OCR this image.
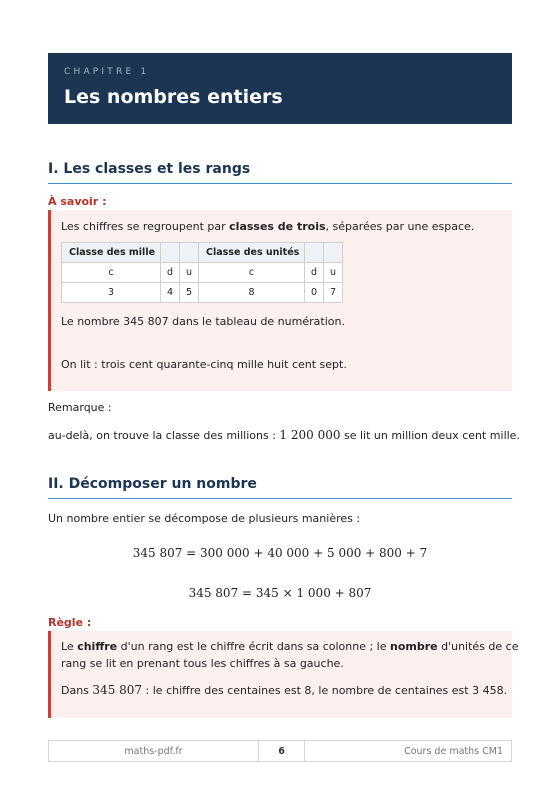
CHAPITRE 1
Les nombres entiers
I. Les classes et les rangs
À savoir :
Les chiffres se regroupent par classes de trois, séparées par une espace.
Classe des mille			Classe des unités		
c	d	u	c	d	u
3	4	5	8	0	7
Le nombre 345 807 dans le tableau de numération.
On lit : trois cent quarante-cinq mille huit cent sept.
Remarque :
au-delà, on trouve la classe des millions : 1 200 000 se lit un million deux cent mille.
II. Décomposer un nombre
Un nombre entier se décompose de plusieurs manières :
345 807 = 300 000 + 40 000 + 5 000 + 800 + 7
345 807 = 345 × 1 000 + 807
Règle :
Le chiffre d'un rang est le chiffre écrit dans sa colonne ; le nombre d'unités de ce
rang se lit en prenant tous les chiffres à sa gauche.
Dans 345 807 : le chiffre des centaines est 8, le nombre de centaines est 3 458.
maths-pdf.fr	6	Cours de maths CM1
